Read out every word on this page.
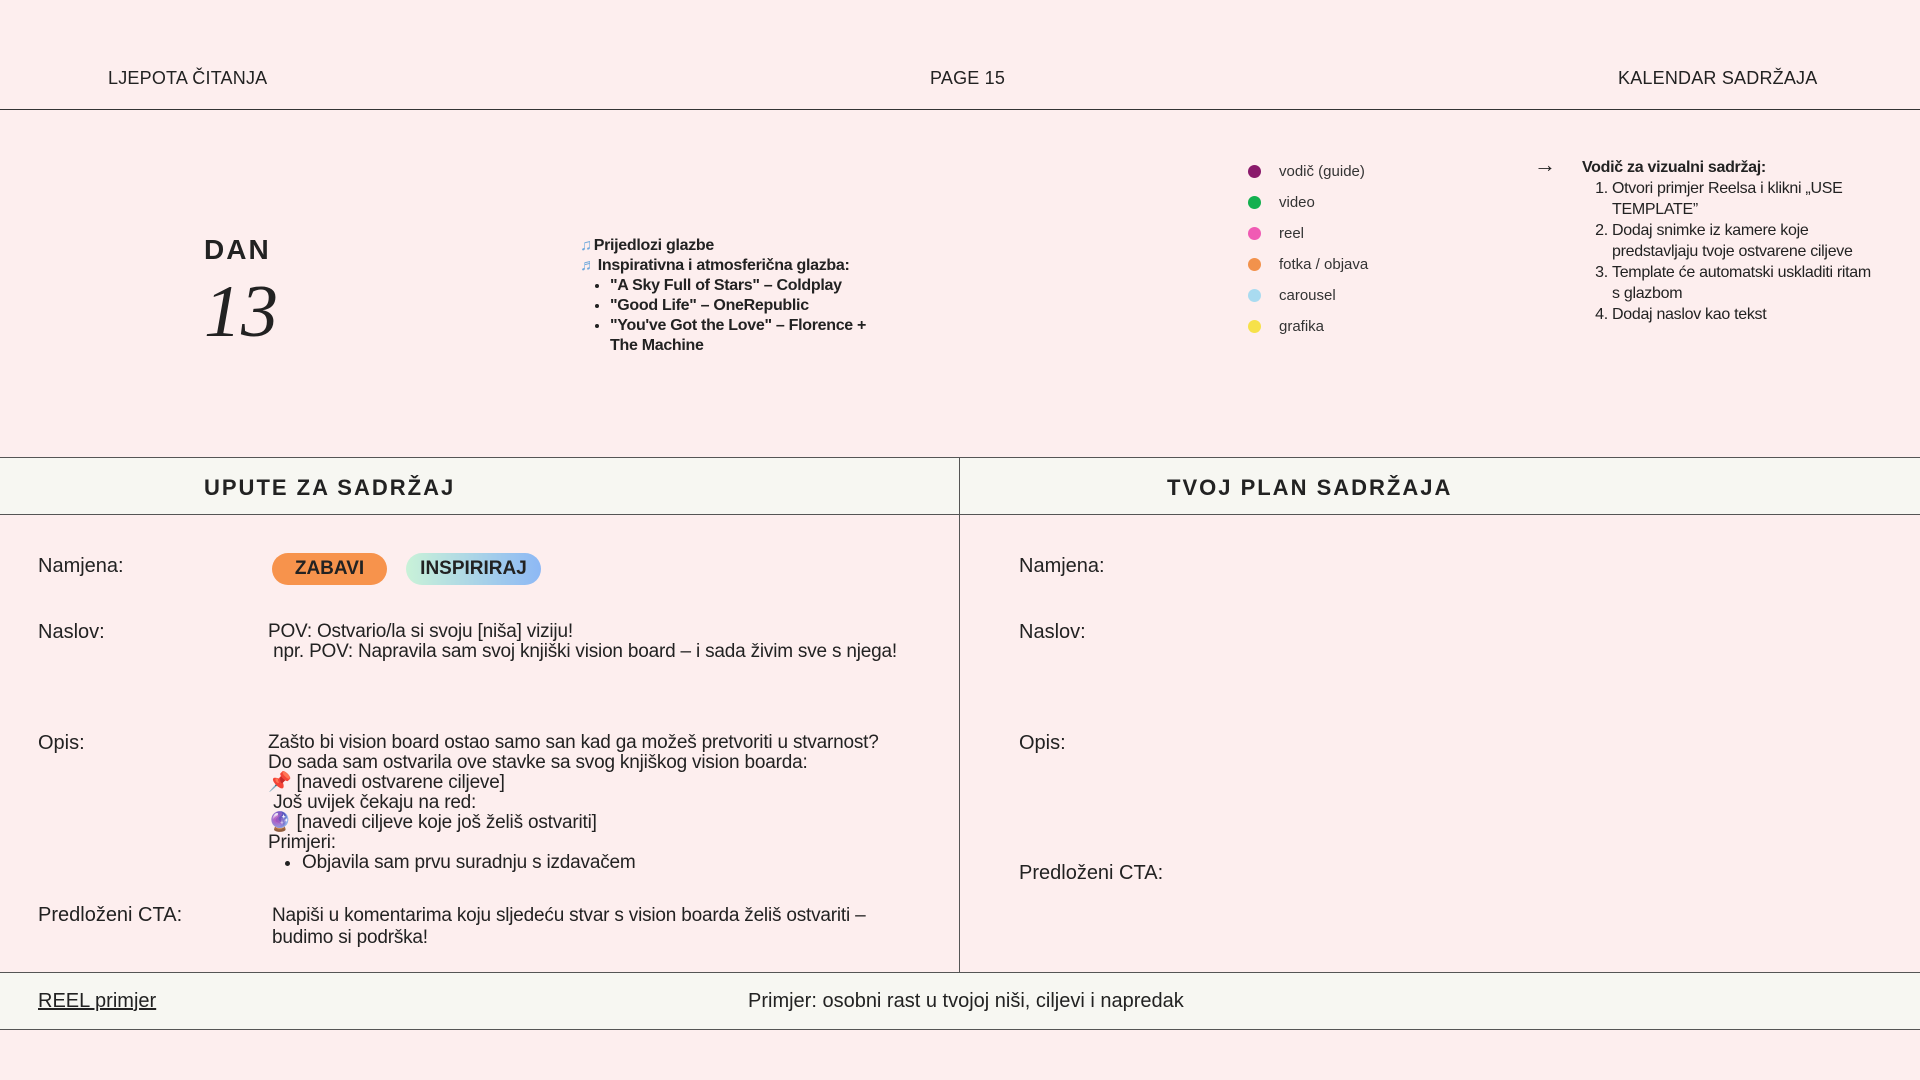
LJEPOTA ČITANJA	PAGE 15	KALENDAR SADRŽAJA
DAN
13
♫ Prijedlozi glazbe
♬ Inspirativna i atmosferična glazba:
• "A Sky Full of Stars" – Coldplay
• "Good Life" – OneRepublic
• "You've Got the Love" – Florence + The Machine
vodič (guide)
video
reel
fotka / objava
carousel
grafika
→ Vodič za vizualni sadržaj:
1. Otvori primjer Reelsa i klikni „USE TEMPLATE”
2. Dodaj snimke iz kamere koje predstavljaju tvoje ostvarene ciljeve
3. Template će automatski uskladiti ritam s glazbom
4. Dodaj naslov kao tekst
UPUTE ZA SADRŽAJ	TVOJ PLAN SADRŽAJA
Namjena:	ZABAVI	INSPIRIRAJ
Naslov:	POV: Ostvario/la si svoju [niša] viziju!
npr. POV: Napravila sam svoj knjiški vision board – i sada živim sve s njega!
Opis:	Zašto bi vision board ostao samo san kad ga možeš pretvoriti u stvarnost?
Do sada sam ostvarila ove stavke sa svog knjiškog vision boarda:
📌 [navedi ostvarene ciljeve]
Još uvijek čekaju na red:
🔮 [navedi ciljeve koje još želiš ostvariti]
Primjeri:
• Objavila sam prvu suradnju s izdavačem
Predloženi CTA:	Napiši u komentarima koju sljedeću stvar s vision boarda želiš ostvariti – budimo si podrška!
Namjena:
Naslov:
Opis:
Predloženi CTA:
REEL primjer	Primjer: osobni rast u tvojoj niši, ciljevi i napredak
